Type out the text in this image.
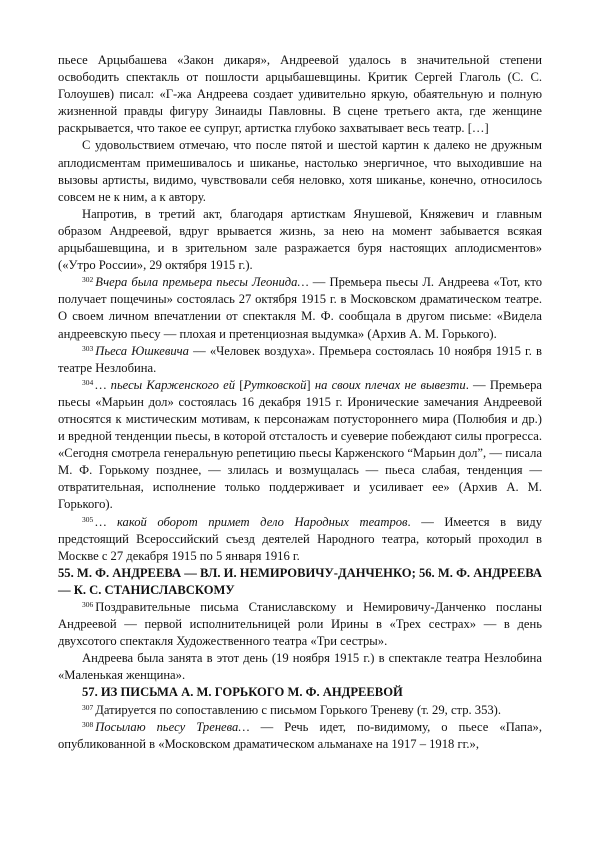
пьесе Арцыбашева «Закон дикаря», Андреевой удалось в значительной степени освободить спектакль от пошлости арцыбашевщины. Критик Сергей Глаголь (С. С. Голоушев) писал: «Г-жа Андреева создает удивительно яркую, обаятельную и полную жизненной правды фигуру Зинаиды Павловны. В сцене третьего акта, где женщине раскрывается, что такое ее супруг, артистка глубоко захватывает весь театр. […]

С удовольствием отмечаю, что после пятой и шестой картин к далеко не дружным аплодисментам примешивалось и шиканье, настолько энергичное, что выходившие на вызовы артисты, видимо, чувствовали себя неловко, хотя шиканье, конечно, относилось совсем не к ним, а к автору.

Напротив, в третий акт, благодаря артисткам Янушевой, Княжевич и главным образом Андреевой, вдруг врывается жизнь, за нею на момент забывается всякая арцыбашевщина, и в зрительном зале разражается буря настоящих аплодисментов» («Утро России», 29 октября 1915 г.).

$^{302}$ Вчера была премьера пьесы Леонида… — Премьера пьесы Л. Андреева «Тот, кто получает пощечины» состоялась 27 октября 1915 г. в Московском драматическом театре. О своем личном впечатлении от спектакля М. Ф. сообщала в другом письме: «Видела андреевскую пьесу — плохая и претенциозная выдумка» (Архив А. М. Горького).

$^{303}$ Пьеса Юшкевича — «Человек воздуха». Премьера состоялась 10 ноября 1915 г. в театре Незлобина.

$^{304}$ … пьесы Карженского ей [Рутковской] на своих плечах не вывезти. — Премьера пьесы «Марьин дол» состоялась 16 декабря 1915 г. Иронические замечания Андреевой относятся к мистическим мотивам, к персонажам потустороннего мира (Полюбия и др.) и вредной тенденции пьесы, в которой отсталость и суеверие побеждают силы прогресса. «Сегодня смотрела генеральную репетицию пьесы Карженского “Марьин дол”, — писала М. Ф. Горькому позднее, — злилась и возмущалась — пьеса слабая, тенденция — отвратительная, исполнение только поддерживает и усиливает ее» (Архив А. М. Горького).

$^{305}$ … какой оборот примет дело Народных театров. — Имеется в виду предстоящий Всероссийский съезд деятелей Народного театра, который проходил в Москве с 27 декабря 1915 по 5 января 1916 г.

55. М. Ф. АНДРЕЕВА — ВЛ. И. НЕМИРОВИЧУ-ДАНЧЕНКО; 56. М. Ф. АНДРЕЕВА — К. С. СТАНИСЛАВСКОМУ

$^{306}$ Поздравительные письма Станиславскому и Немировичу-Данченко посланы Андреевой — первой исполнительницей роли Ирины в «Трех сестрах» — в день двухсотого спектакля Художественного театра «Три сестры».

Андреева была занята в этот день (19 ноября 1915 г.) в спектакле театра Незлобина «Маленькая женщина».

57. ИЗ ПИСЬМА А. М. ГОРЬКОГО М. Ф. АНДРЕЕВОЙ

$^{307}$ Датируется по сопоставлению с письмом Горького Треневу (т. 29, стр. 353).

$^{308}$ Посылаю пьесу Тренева… — Речь идет, по-видимому, о пьесе «Папа», опубликованной в «Московском драматическом альманахе на 1917 – 1918 гг.»,
